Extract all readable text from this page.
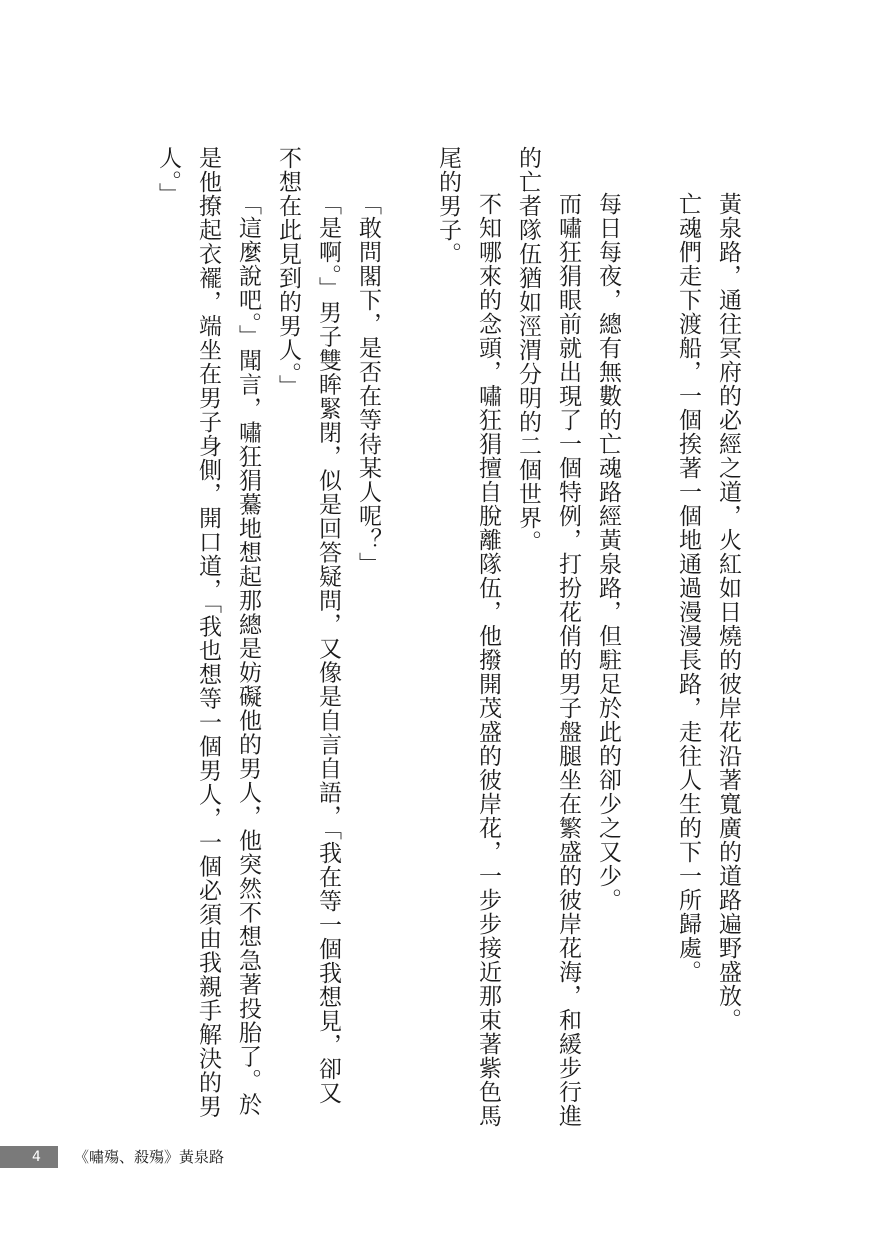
黃泉路，通往冥府的必經之道，火紅如日燒的彼岸花沿著寬廣的道路遍野盛放。
亡魂們走下渡船，一個挨著一個地通過漫漫長路，走往人生的下一所歸處。
每日每夜，總有無數的亡魂路經黃泉路，但駐足於此的卻少之又少。
而嘯狂狷眼前就出現了一個特例，打扮花俏的男子盤腿坐在繁盛的彼岸花海，和緩步行進
的亡者隊伍猶如涇渭分明的二個世界。
不知哪來的念頭，嘯狂狷擅自脫離隊伍，他撥開茂盛的彼岸花，一步步接近那束著紫色馬
尾的男子。
「敢問閣下，是否在等待某人呢？」
「是啊。」男子雙眸緊閉，似是回答疑問，又像是自言自語，「我在等一個我想見，卻又
不想在此見到的男人。」
「這麼說吧。」聞言，嘯狂狷驀地想起那總是妨礙他的男人，他突然不想急著投胎了。於
是他撩起衣襬，端坐在男子身側，開口道，「我也想等一個男人，一個必須由我親手解決的男
人。」
4 《嘯殤、殺殤》黃泉路
